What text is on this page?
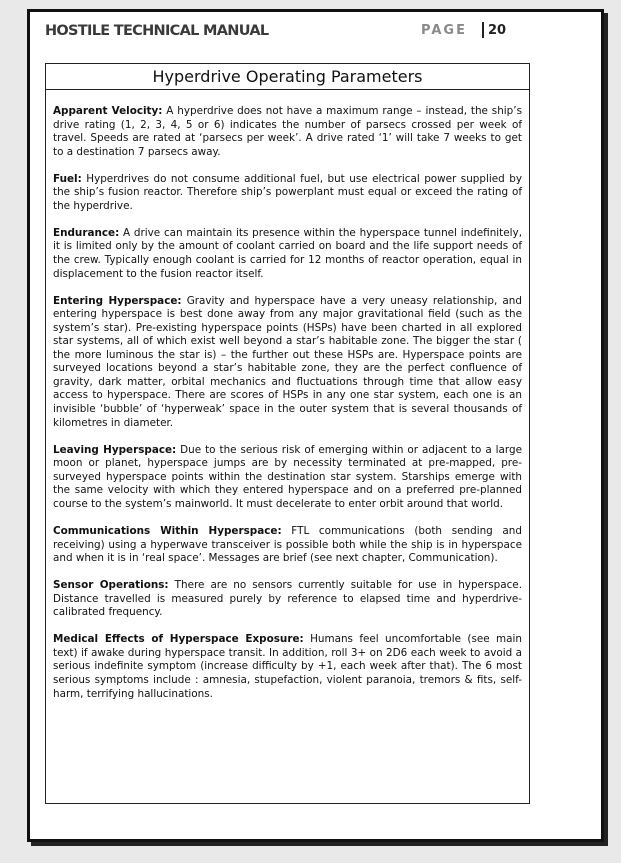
HOSTILE TECHNICAL MANUAL	PAGE 20
Hyperdrive Operating Parameters

Apparent Velocity: A hyperdrive does not have a maximum range – instead, the ship’s drive rating (1, 2, 3, 4, 5 or 6) indicates the number of parsecs crossed per week of travel. Speeds are rated at ‘parsecs per week’. A drive rated ‘1’ will take 7 weeks to get to a destination 7 parsecs away.

Fuel: Hyperdrives do not consume additional fuel, but use electrical power supplied by the ship’s fusion reactor. Therefore ship’s powerplant must equal or exceed the rating of the hyperdrive.

Endurance: A drive can maintain its presence within the hyperspace tunnel indefinitely, it is limited only by the amount of coolant carried on board and the life support needs of the crew. Typically enough coolant is carried for 12 months of reactor operation, equal in displacement to the fusion reactor itself.

Entering Hyperspace: Gravity and hyperspace have a very uneasy relationship, and entering hyperspace is best done away from any major gravitational field (such as the system’s star). Pre-existing hyperspace points (HSPs) have been charted in all explored star systems, all of which exist well beyond a star’s habitable zone. The bigger the star ( the more luminous the star is) – the further out these HSPs are. Hyperspace points are surveyed locations beyond a star’s habitable zone, they are the perfect confluence of gravity, dark matter, orbital mechanics and fluctuations through time that allow easy access to hyperspace. There are scores of HSPs in any one star system, each one is an invisible ‘bubble’ of ‘hyperweak’ space in the outer system that is several thousands of kilometres in diameter.

Leaving Hyperspace: Due to the serious risk of emerging within or adjacent to a large moon or planet, hyperspace jumps are by necessity terminated at pre-mapped, pre-surveyed hyperspace points within the destination star system. Starships emerge with the same velocity with which they entered hyperspace and on a preferred pre-planned course to the system’s mainworld. It must decelerate to enter orbit around that world.

Communications Within Hyperspace: FTL communications (both sending and receiving) using a hyperwave transceiver is possible both while the ship is in hyperspace and when it is in ‘real space’. Messages are brief (see next chapter, Communication).

Sensor Operations: There are no sensors currently suitable for use in hyperspace. Distance travelled is measured purely by reference to elapsed time and hyperdrive-calibrated frequency.

Medical Effects of Hyperspace Exposure: Humans feel uncomfortable (see main text) if awake during hyperspace transit. In addition, roll 3+ on 2D6 each week to avoid a serious indefinite symptom (increase difficulty by +1, each week after that). The 6 most serious symptoms include : amnesia, stupefaction, violent paranoia, tremors & fits, self-harm, terrifying hallucinations.
